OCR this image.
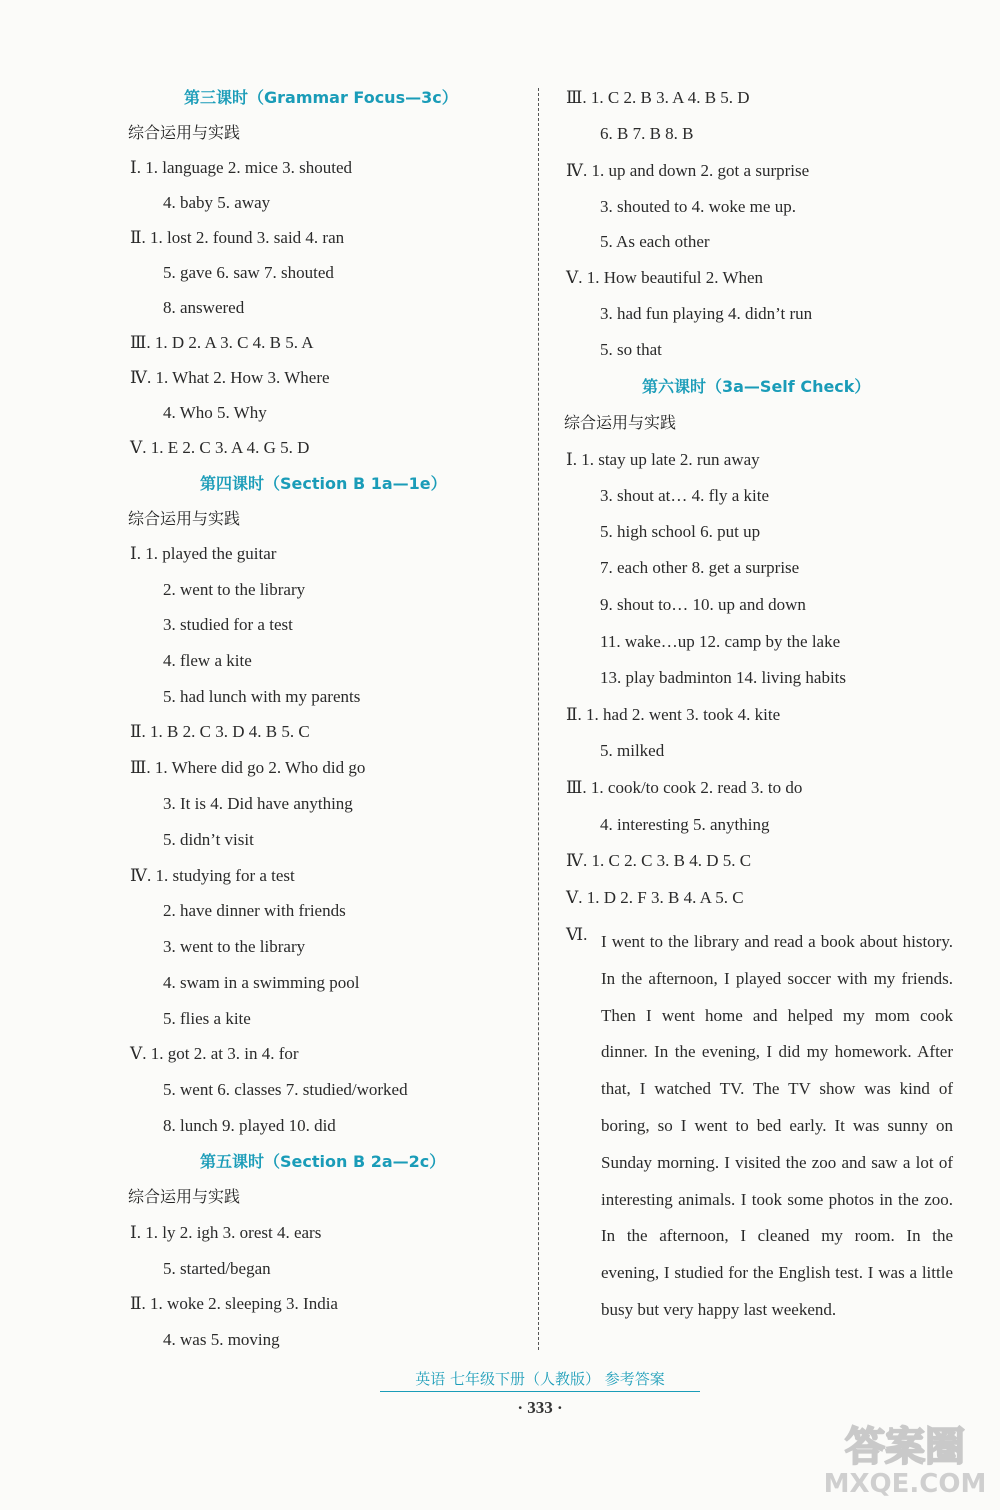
第三课时（Grammar Focus—3c）
综合运用与实践
Ⅰ. 1. language 2. mice 3. shouted
4. baby 5. away
Ⅱ. 1. lost 2. found 3. said 4. ran
5. gave 6. saw 7. shouted
8. answered
Ⅲ. 1. D 2. A 3. C 4. B 5. A
Ⅳ. 1. What 2. How 3. Where
4. Who 5. Why
Ⅴ. 1. E 2. C 3. A 4. G 5. D
第四课时（Section B 1a—1e）
综合运用与实践
Ⅰ. 1. played the guitar
2. went to the library
3. studied for a test
4. flew a kite
5. had lunch with my parents
Ⅱ. 1. B 2. C 3. D 4. B 5. C
Ⅲ. 1. Where did go 2. Who did go
3. It is 4. Did have anything
5. didn’t visit
Ⅳ. 1. studying for a test
2. have dinner with friends
3. went to the library
4. swam in a swimming pool
5. flies a kite
Ⅴ. 1. got 2. at 3. in 4. for
5. went 6. classes 7. studied/worked
8. lunch 9. played 10. did
第五课时（Section B 2a—2c）
综合运用与实践
Ⅰ. 1. ly 2. igh 3. orest 4. ears
5. started/began
Ⅱ. 1. woke 2. sleeping 3. India
4. was 5. moving
Ⅲ. 1. C 2. B 3. A 4. B 5. D
6. B 7. B 8. B
Ⅳ. 1. up and down 2. got a surprise
3. shouted to 4. woke me up.
5. As each other
Ⅴ. 1. How beautiful 2. When
3. had fun playing 4. didn’t run
5. so that
第六课时（3a—Self Check）
综合运用与实践
Ⅰ. 1. stay up late 2. run away
3. shout at… 4. fly a kite
5. high school 6. put up
7. each other 8. get a surprise
9. shout to… 10. up and down
11. wake…up 12. camp by the lake
13. play badminton 14. living habits
Ⅱ. 1. had 2. went 3. took 4. kite
5. milked
Ⅲ. 1. cook/to cook 2. read 3. to do
4. interesting 5. anything
Ⅳ. 1. C 2. C 3. B 4. D 5. C
Ⅴ. 1. D 2. F 3. B 4. A 5. C
Ⅵ. I went to the library and read a book about history. In the afternoon, I played soccer with my friends. Then I went home and helped my mom cook dinner. In the evening, I did my homework. After that, I watched TV. The TV show was kind of boring, so I went to bed early. It was sunny on Sunday morning. I visited the zoo and saw a lot of interesting animals. I took some photos in the zoo. In the afternoon, I cleaned my room. In the evening, I studied for the English test. I was a little busy but very happy last weekend.
英语 七年级下册（人教版） 参考答案
· 333 ·
答案圈
MXQE.COM
